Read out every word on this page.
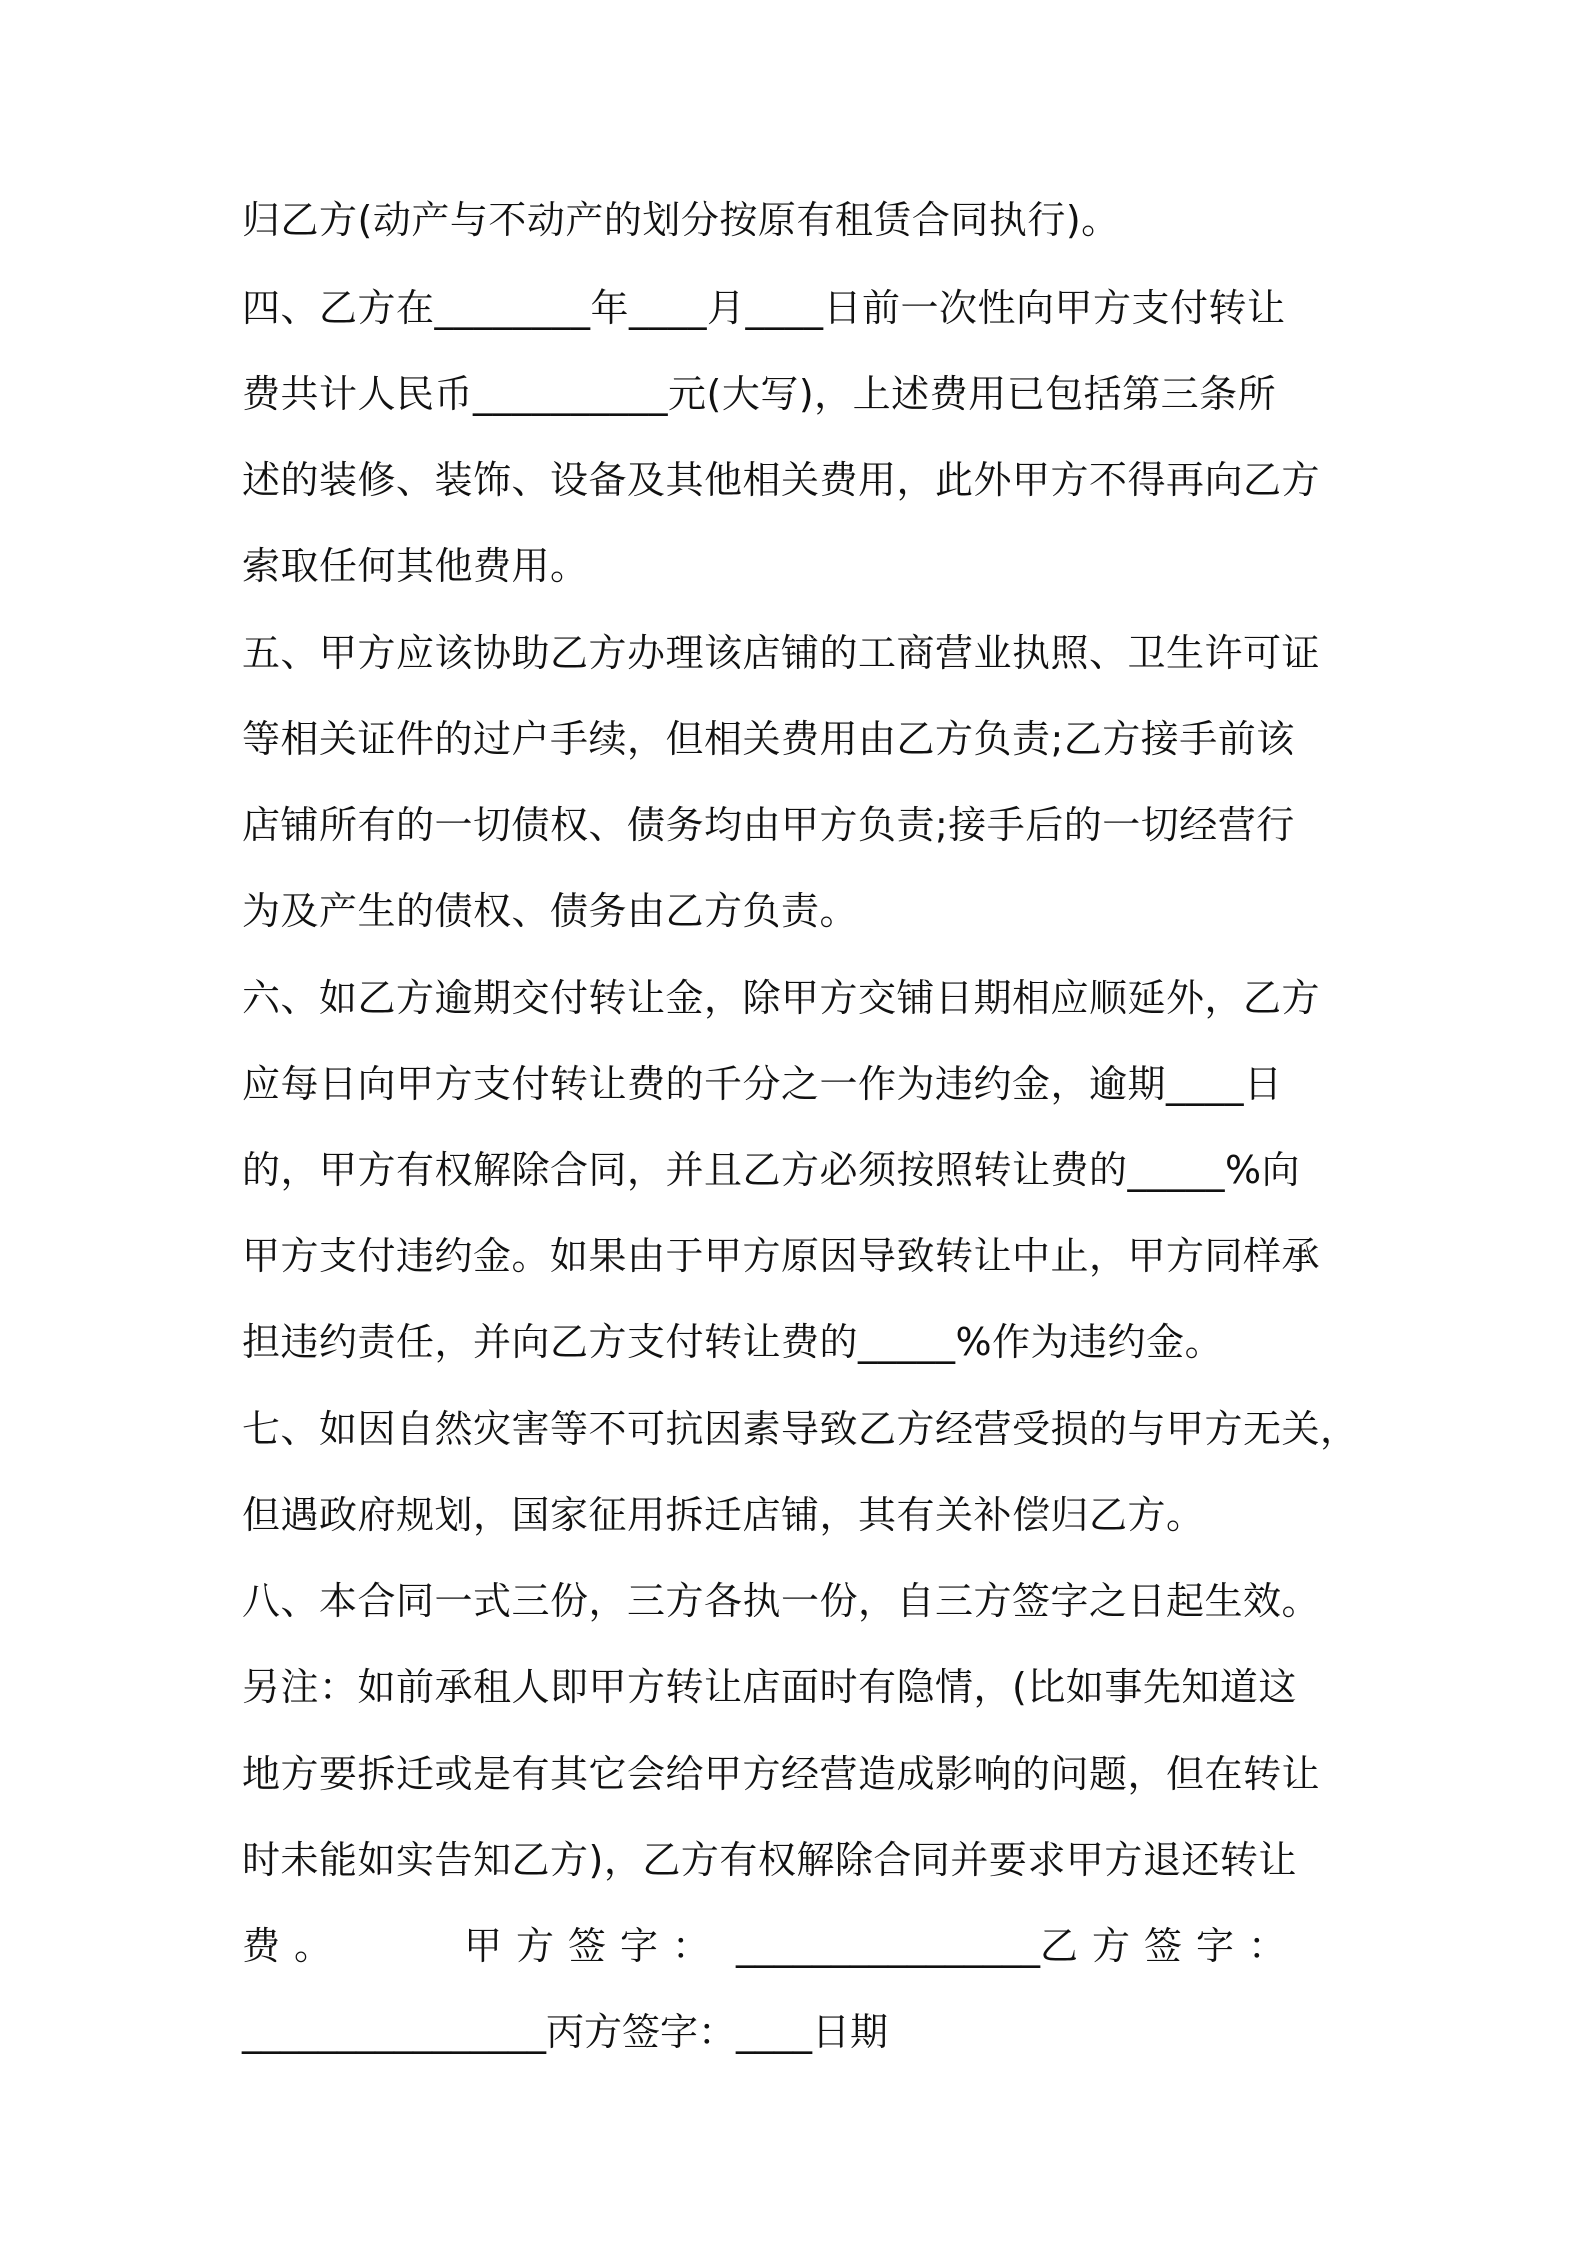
归乙方(动产与不动产的划分按原有租赁合同执行)。
四、乙方在________年____月____日前一次性向甲方支付转让
费共计人民币__________元(大写)，上述费用已包括第三条所
述的装修、装饰、设备及其他相关费用，此外甲方不得再向乙方
索取任何其他费用。
五、甲方应该协助乙方办理该店铺的工商营业执照、卫生许可证
等相关证件的过户手续，但相关费用由乙方负责;乙方接手前该
店铺所有的一切债权、债务均由甲方负责;接手后的一切经营行
为及产生的债权、债务由乙方负责。
六、如乙方逾期交付转让金，除甲方交铺日期相应顺延外，乙方
应每日向甲方支付转让费的千分之一作为违约金，逾期____日
的，甲方有权解除合同，并且乙方必须按照转让费的_____%向
甲方支付违约金。如果由于甲方原因导致转让中止，甲方同样承
担违约责任，并向乙方支付转让费的_____%作为违约金。
七、如因自然灾害等不可抗因素导致乙方经营受损的与甲方无关，
但遇政府规划，国家征用拆迁店铺，其有关补偿归乙方。
八、本合同一式三份，三方各执一份，自三方签字之日起生效。
另注：如前承租人即甲方转让店面时有隐情，(比如事先知道这
地方要拆迁或是有其它会给甲方经营造成影响的问题，但在转让
时未能如实告知乙方)，乙方有权解除合同并要求甲方退还转让
费。	甲方签字： ________________乙方签字：
________________丙方签字：____日期
